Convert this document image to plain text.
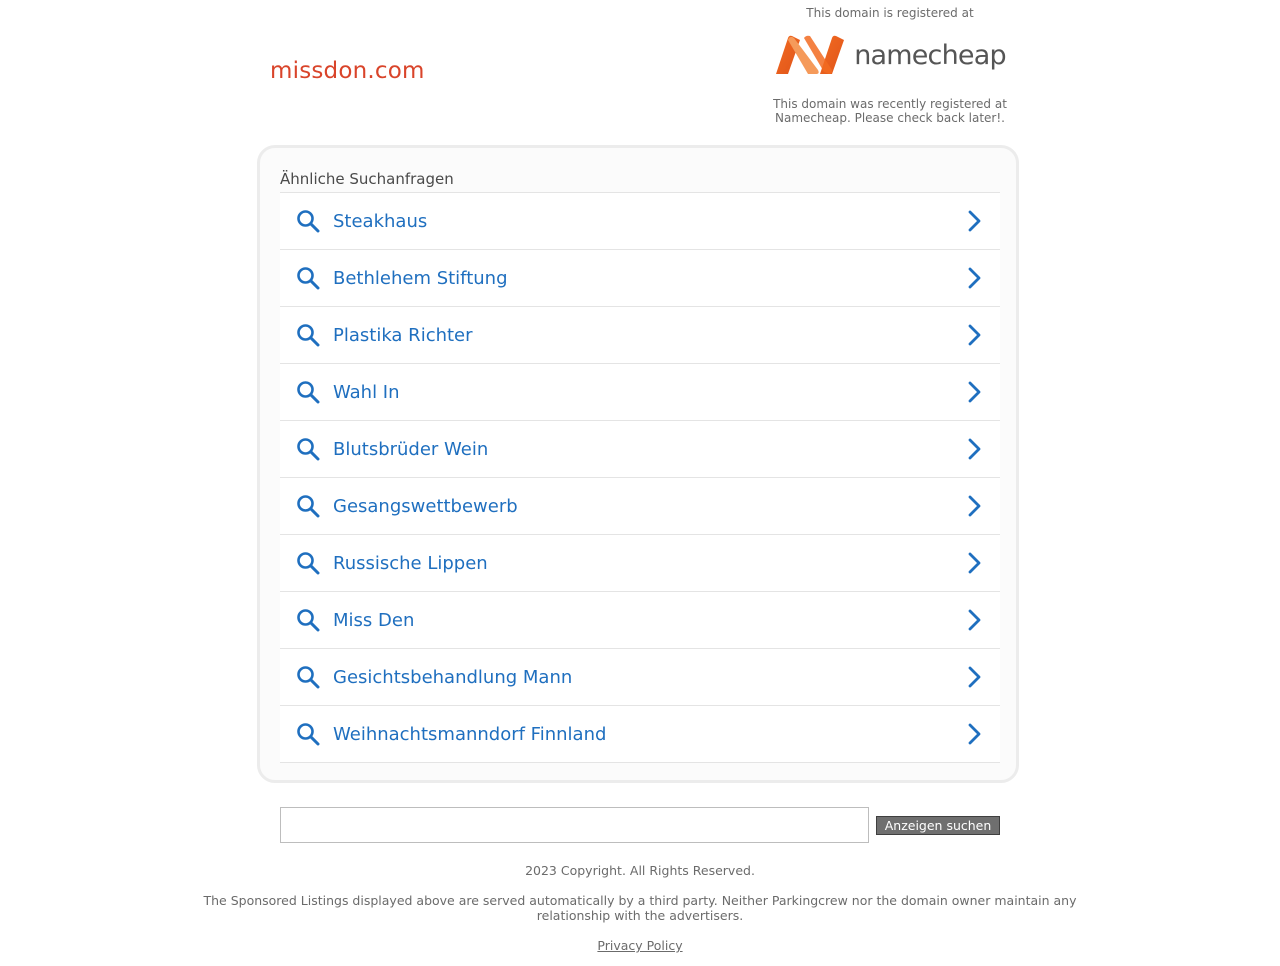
missdon.com
This domain is registered at
namecheap
This domain was recently registered at Namecheap. Please check back later!.
Ähnliche Suchanfragen
Steakhaus
Bethlehem Stiftung
Plastika Richter
Wahl In
Blutsbrüder Wein
Gesangswettbewerb
Russische Lippen
Miss Den
Gesichtsbehandlung Mann
Weihnachtsmanndorf Finnland
Anzeigen suchen
2023 Copyright. All Rights Reserved.
The Sponsored Listings displayed above are served automatically by a third party. Neither Parkingcrew nor the domain owner maintain any relationship with the advertisers.
Privacy Policy
